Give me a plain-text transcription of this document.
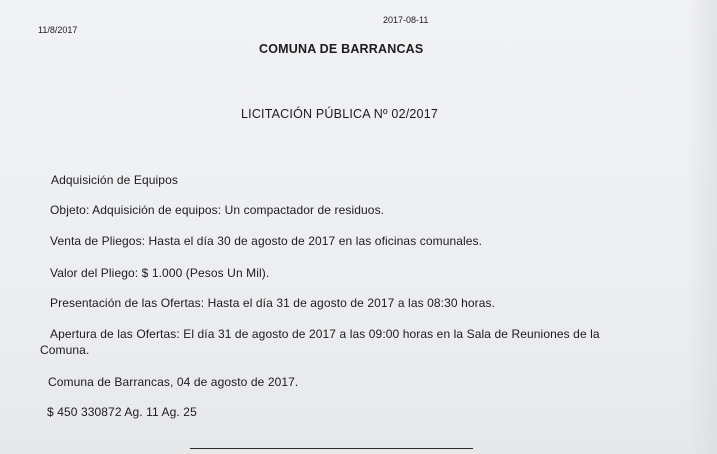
11/8/2017
2017-08-11
COMUNA DE BARRANCAS
LICITACIÓN PÚBLICA Nº 02/2017
Adquisición de Equipos
Objeto: Adquisición de equipos: Un compactador de residuos.
Venta de Pliegos: Hasta el día 30 de agosto de 2017 en las oficinas comunales.
Valor del Pliego: $ 1.000 (Pesos Un Mil).
Presentación de las Ofertas: Hasta el día 31 de agosto de 2017 a las 08:30 horas.
Apertura de las Ofertas: El día 31 de agosto de 2017 a las 09:00 horas en la Sala de Reuniones de la
Comuna.
Comuna de Barrancas, 04 de agosto de 2017.
$ 450 330872 Ag. 11 Ag. 25
